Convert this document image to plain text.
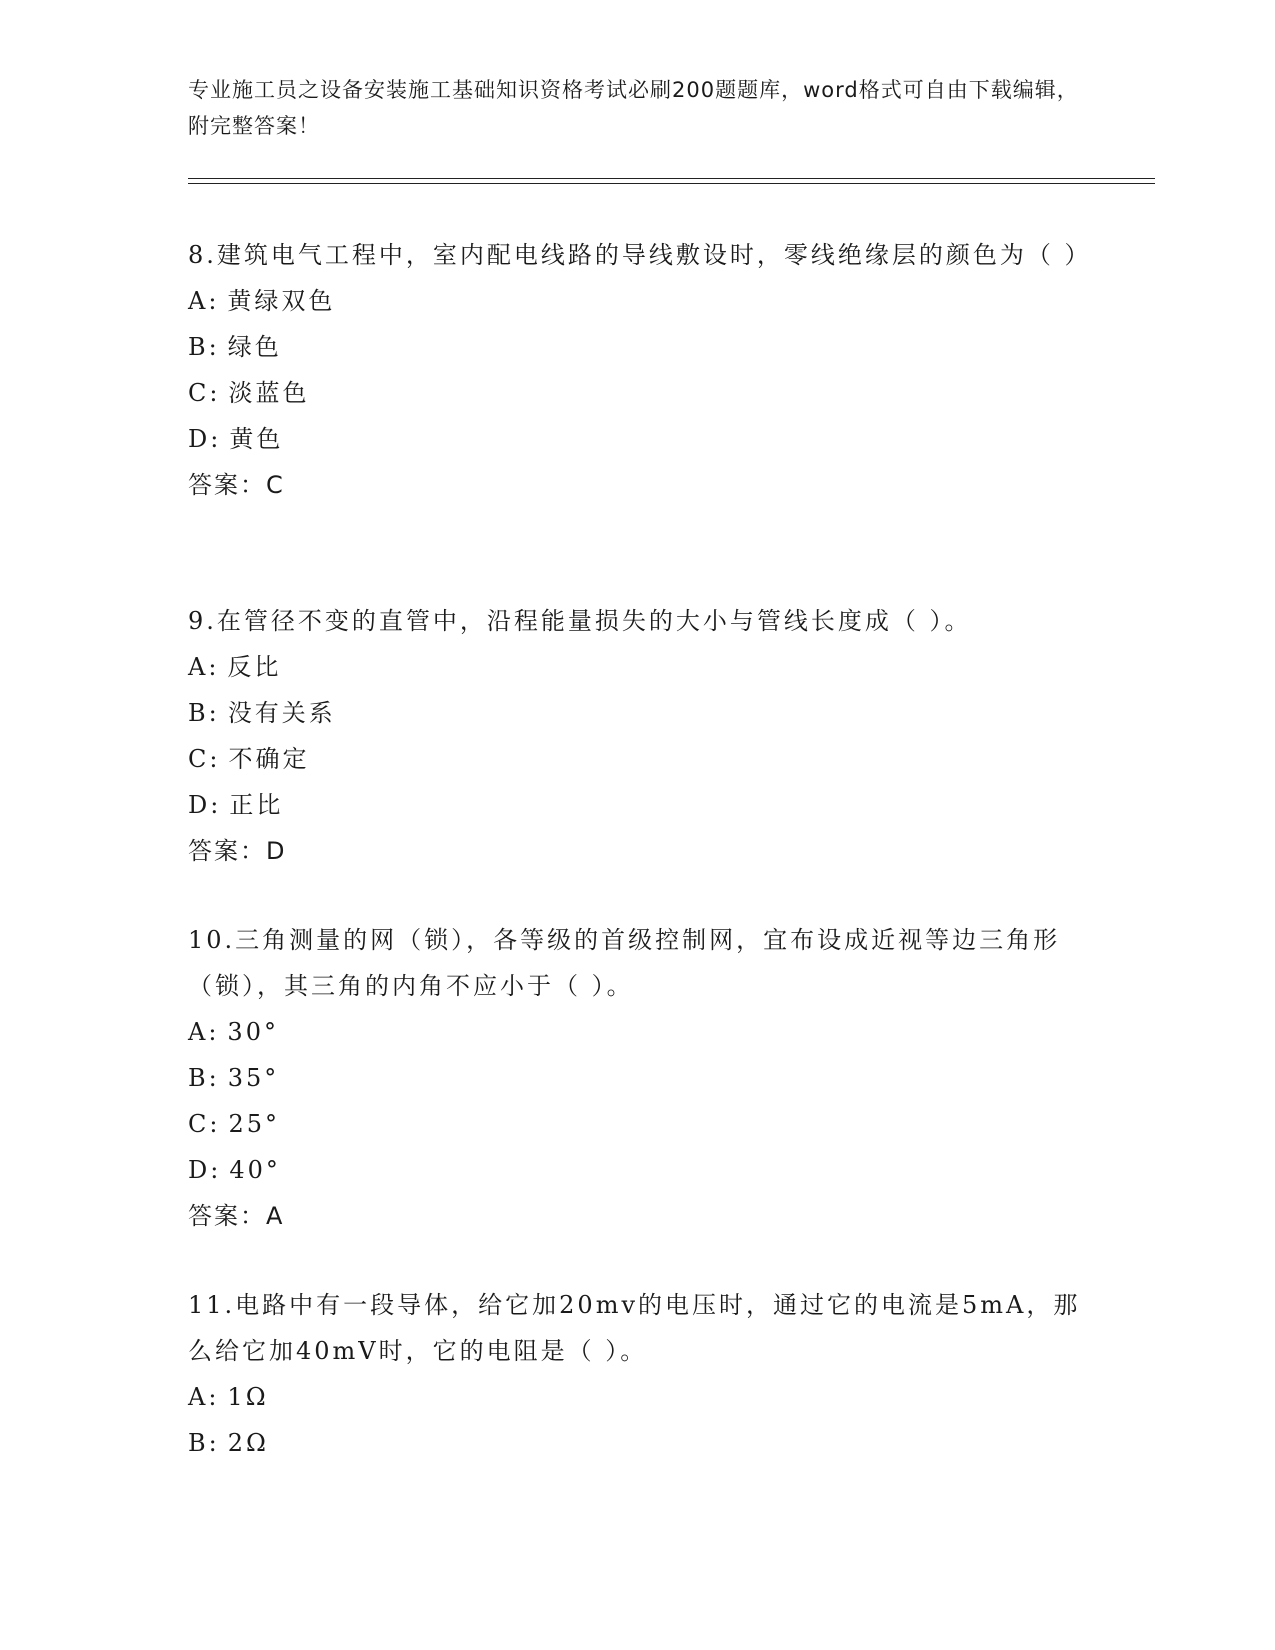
专业施工员之设备安装施工基础知识资格考试必刷200题题库，word格式可自由下载编辑，附完整答案！
8.建筑电气工程中，室内配电线路的导线敷设时，零线绝缘层的颜色为（ ）
A: 黄绿双色
B: 绿色
C: 淡蓝色
D: 黄色
答案：C
9.在管径不变的直管中，沿程能量损失的大小与管线长度成（ ）。
A: 反比
B: 没有关系
C: 不确定
D: 正比
答案：D
10.三角测量的网（锁），各等级的首级控制网，宜布设成近视等边三角形（锁），其三角的内角不应小于（ ）。
A: 30°
B: 35°
C: 25°
D: 40°
答案：A
11.电路中有一段导体，给它加20mv的电压时，通过它的电流是5mA，那么给它加40mV时，它的电阻是（ ）。
A: 1Ω
B: 2Ω
